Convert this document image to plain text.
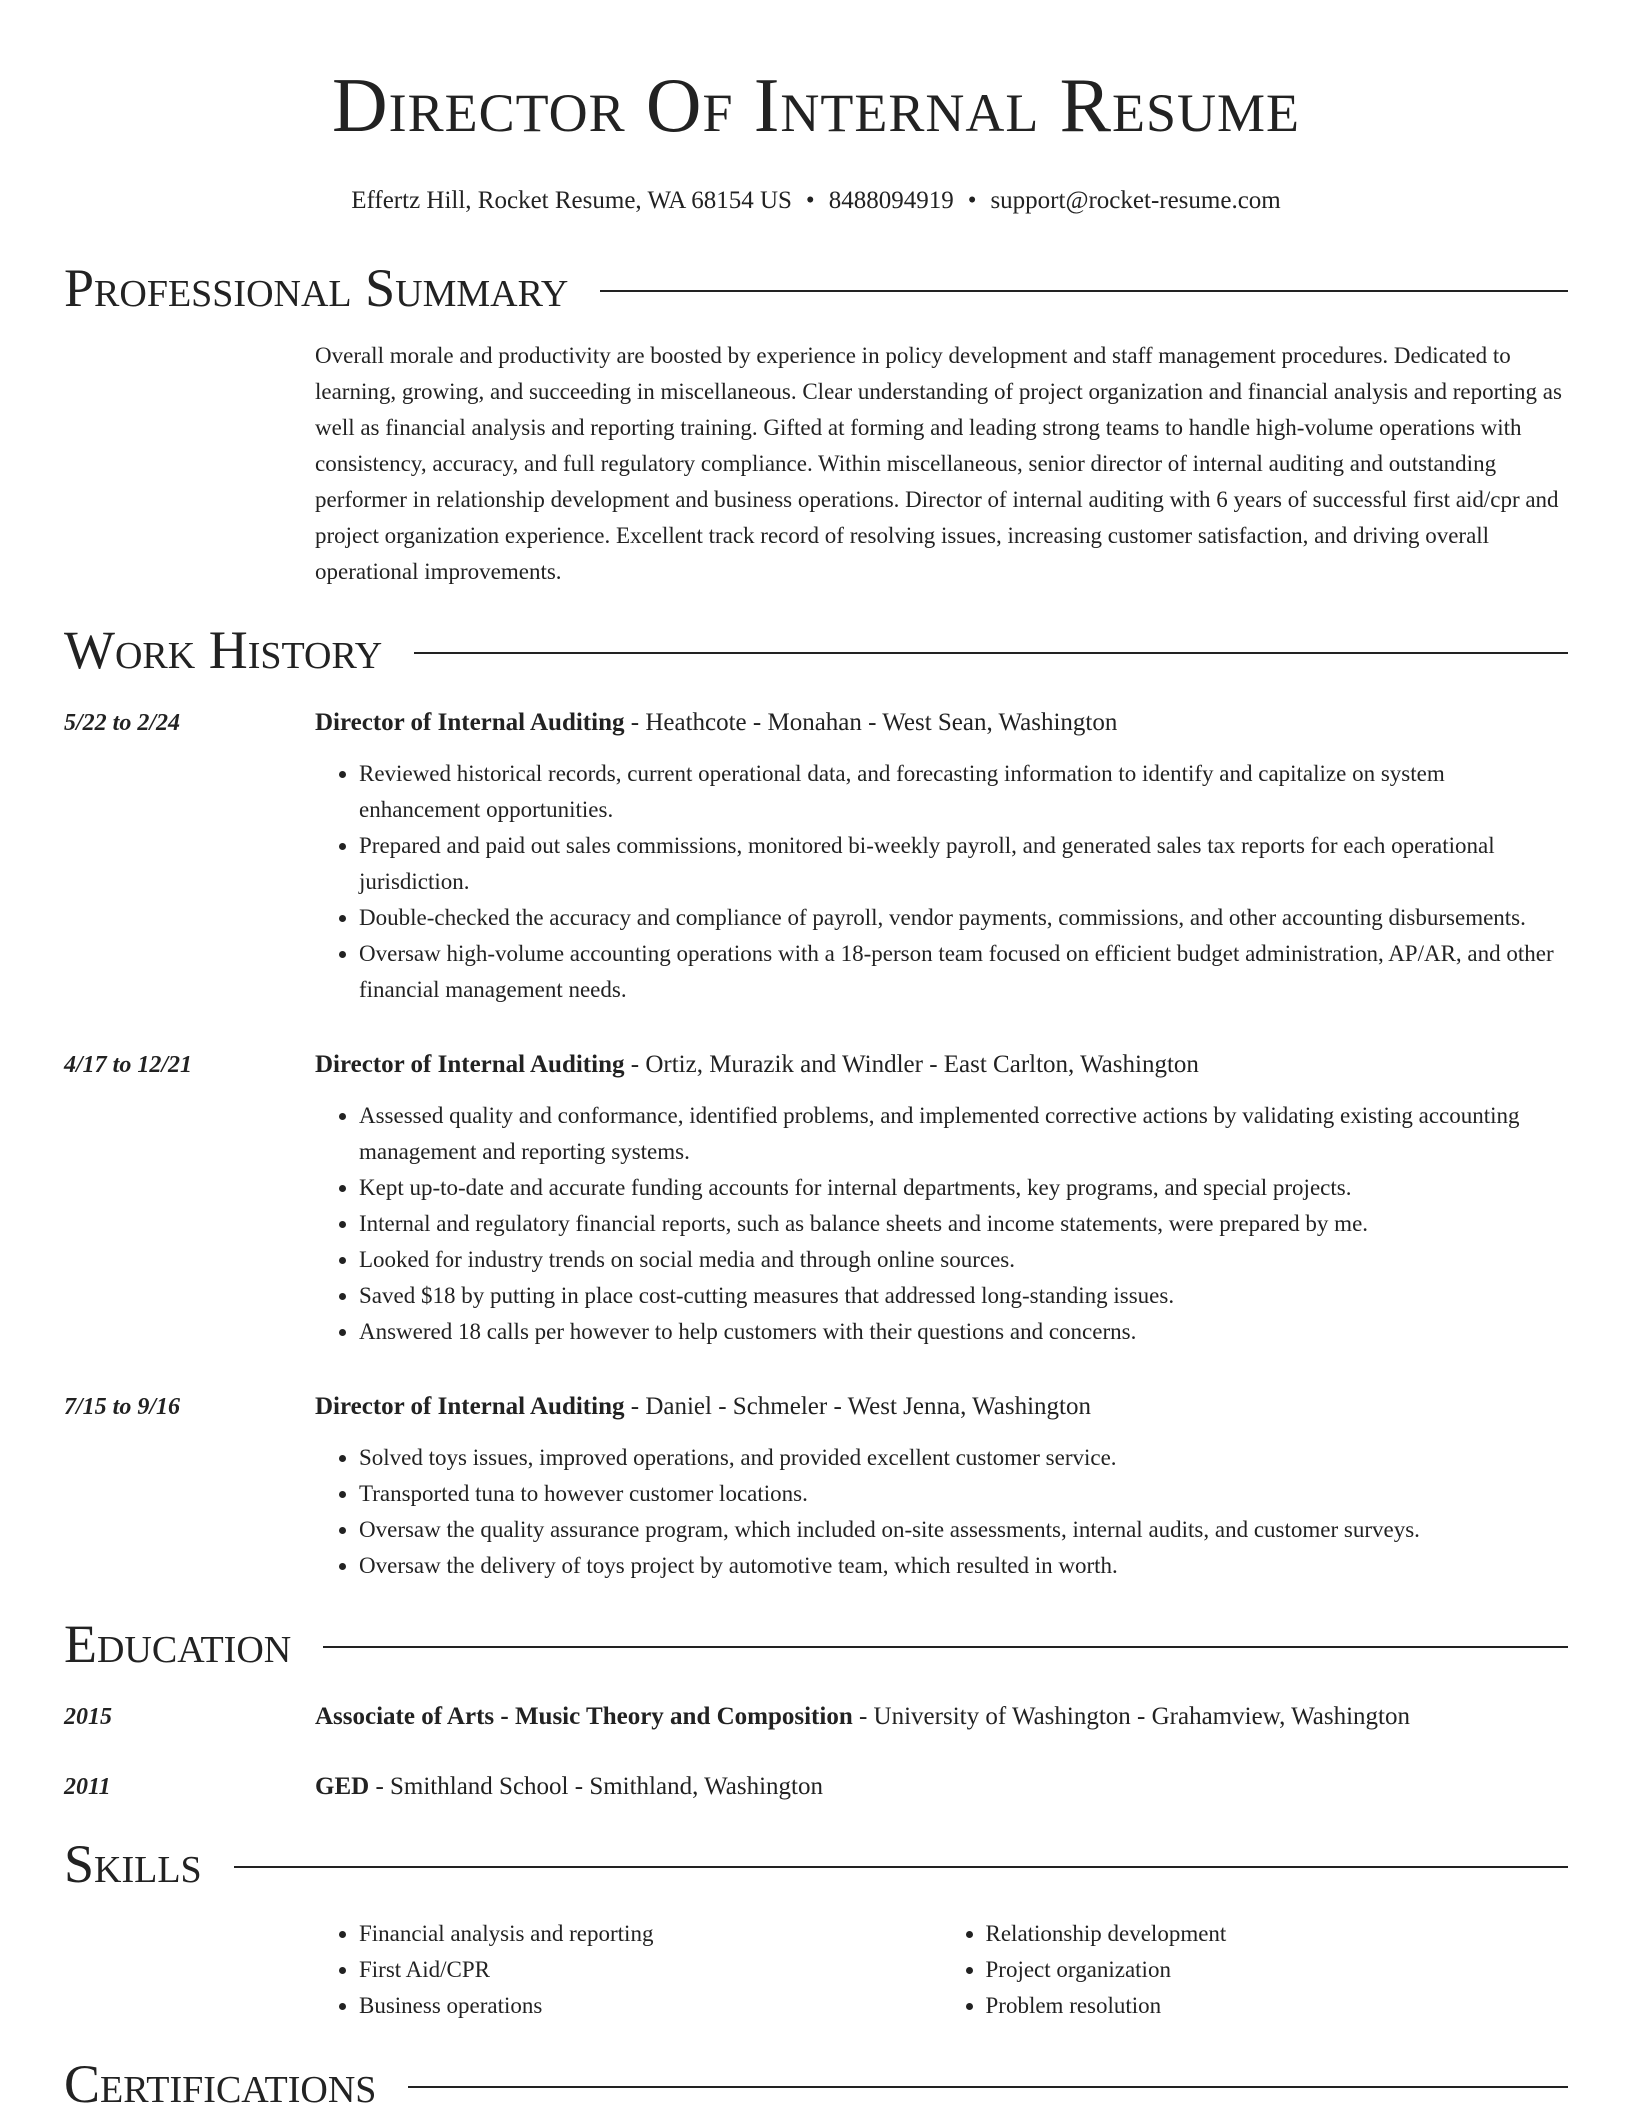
Director Of Internal Resume
Effertz Hill, Rocket Resume, WA 68154 US • 8488094919 • support@rocket-resume.com
Professional Summary
Overall morale and productivity are boosted by experience in policy development and staff management procedures. Dedicated to learning, growing, and succeeding in miscellaneous. Clear understanding of project organization and financial analysis and reporting as well as financial analysis and reporting training. Gifted at forming and leading strong teams to handle high-volume operations with consistency, accuracy, and full regulatory compliance. Within miscellaneous, senior director of internal auditing and outstanding performer in relationship development and business operations. Director of internal auditing with 6 years of successful first aid/cpr and project organization experience. Excellent track record of resolving issues, increasing customer satisfaction, and driving overall operational improvements.
Work History
5/22 to 2/24	Director of Internal Auditing - Heathcote - Monahan - West Sean, Washington
• Reviewed historical records, current operational data, and forecasting information to identify and capitalize on system enhancement opportunities.
• Prepared and paid out sales commissions, monitored bi-weekly payroll, and generated sales tax reports for each operational jurisdiction.
• Double-checked the accuracy and compliance of payroll, vendor payments, commissions, and other accounting disbursements.
• Oversaw high-volume accounting operations with a 18-person team focused on efficient budget administration, AP/AR, and other financial management needs.
4/17 to 12/21	Director of Internal Auditing - Ortiz, Murazik and Windler - East Carlton, Washington
• Assessed quality and conformance, identified problems, and implemented corrective actions by validating existing accounting management and reporting systems.
• Kept up-to-date and accurate funding accounts for internal departments, key programs, and special projects.
• Internal and regulatory financial reports, such as balance sheets and income statements, were prepared by me.
• Looked for industry trends on social media and through online sources.
• Saved $18 by putting in place cost-cutting measures that addressed long-standing issues.
• Answered 18 calls per however to help customers with their questions and concerns.
7/15 to 9/16	Director of Internal Auditing - Daniel - Schmeler - West Jenna, Washington
• Solved toys issues, improved operations, and provided excellent customer service.
• Transported tuna to however customer locations.
• Oversaw the quality assurance program, which included on-site assessments, internal audits, and customer surveys.
• Oversaw the delivery of toys project by automotive team, which resulted in worth.
Education
2015	Associate of Arts - Music Theory and Composition - University of Washington - Grahamview, Washington
2011	GED - Smithland School - Smithland, Washington
Skills
• Financial analysis and reporting
• First Aid/CPR
• Business operations
• Relationship development
• Project organization
• Problem resolution
Certifications
